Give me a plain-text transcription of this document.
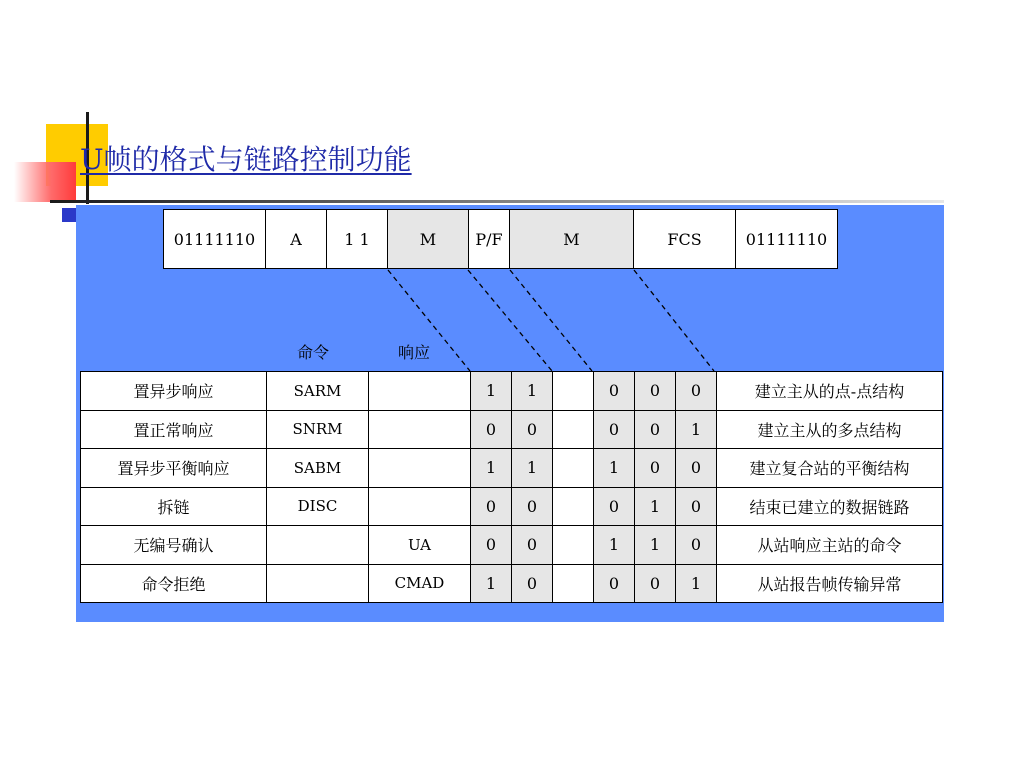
U帧的格式与链路控制功能
01111110	A	1 1	M	P/F	M	FCS	01111110
命令	响应
置异步响应	SARM		1	1		0	0	0	建立主从的点-点结构
置正常响应	SNRM		0	0		0	0	1	建立主从的多点结构
置异步平衡响应	SABM		1	1		1	0	0	建立复合站的平衡结构
拆链	DISC		0	0		0	1	0	结束已建立的数据链路
无编号确认		UA	0	0		1	1	0	从站响应主站的命令
命令拒绝		CMAD	1	0		0	0	1	从站报告帧传输异常
